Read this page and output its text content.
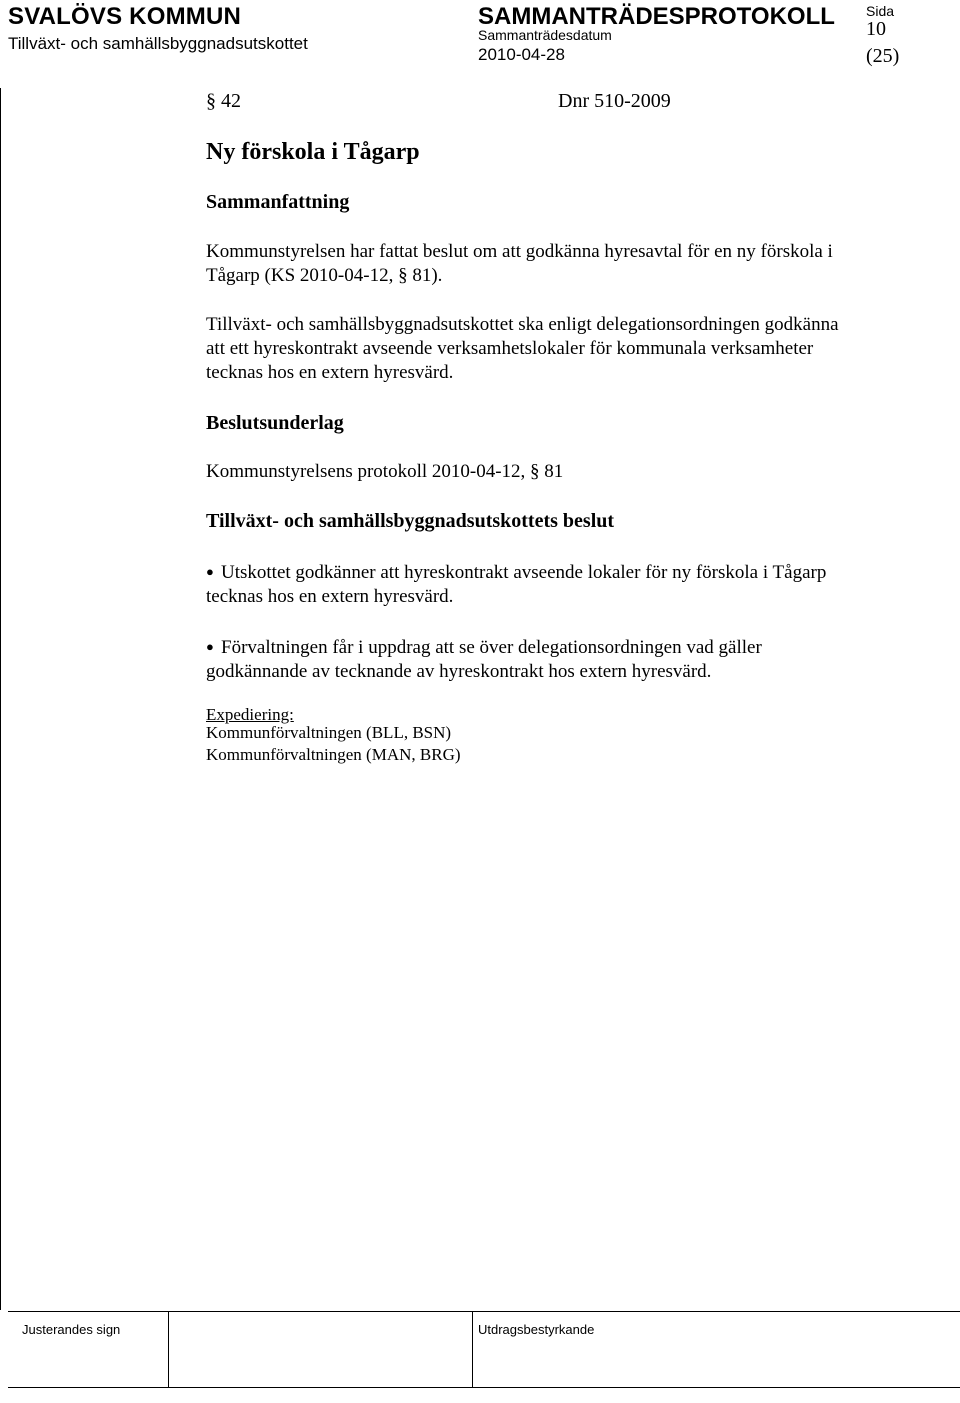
SVALÖVS KOMMUN
Tillväxt- och samhällsbyggnadsutskottet
SAMMANTRÄDESPROTOKOLL
Sammanträdesdatum
2010-04-28
Sida
10
(25)
§ 42	Dnr 510-2009
Ny förskola i Tågarp
Sammanfattning
Kommunstyrelsen har fattat beslut om att godkänna hyresavtal för en ny förskola i
Tågarp (KS 2010-04-12, § 81).
Tillväxt- och samhällsbyggnadsutskottet ska enligt delegationsordningen godkänna
att ett hyreskontrakt avseende verksamhetslokaler för kommunala verksamheter
tecknas hos en extern hyresvärd.
Beslutsunderlag
Kommunstyrelsens protokoll 2010-04-12, § 81
Tillväxt- och samhällsbyggnadsutskottets beslut
● Utskottet godkänner att hyreskontrakt avseende lokaler för ny förskola i Tågarp
tecknas hos en extern hyresvärd.
● Förvaltningen får i uppdrag att se över delegationsordningen vad gäller
godkännande av tecknande av hyreskontrakt hos extern hyresvärd.
Expediering:
Kommunförvaltningen (BLL, BSN)
Kommunförvaltningen (MAN, BRG)
Justerandes sign	Utdragsbestyrkande
